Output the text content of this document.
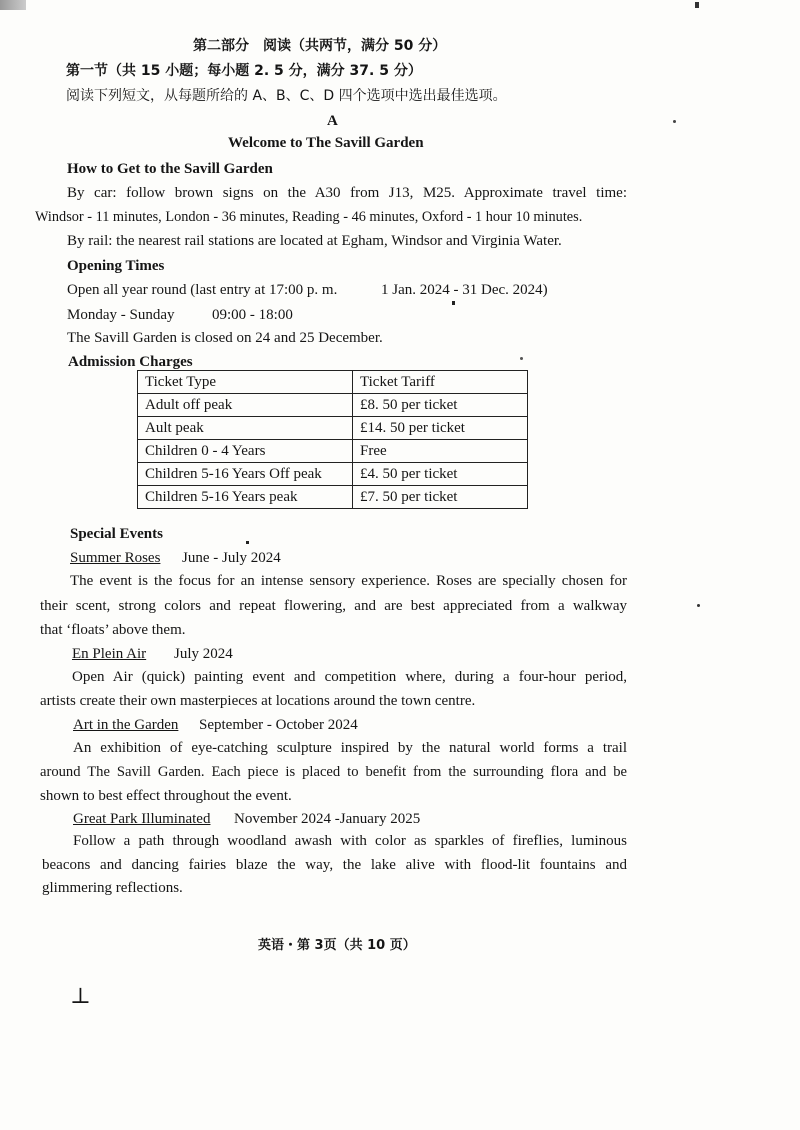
第二部分　阅读（共两节，满分 50 分）
第一节（共 15 小题；每小题 2. 5 分，满分 37. 5 分）
阅读下列短文，从每题所给的 A、B、C、D 四个选项中选出最佳选项。
A
Welcome to The Savill Garden
How to Get to the Savill Garden
By car: follow brown signs on the A30 from J13, M25. Approximate travel time:
Windsor - 11 minutes, London - 36 minutes, Reading - 46 minutes, Oxford - 1 hour 10 minutes.
By rail: the nearest rail stations are located at Egham, Windsor and Virginia Water.
Opening Times
Open all year round (last entry at 17:00 p. m.	1 Jan. 2024 - 31 Dec. 2024)
Monday - Sunday	09:00 - 18:00
The Savill Garden is closed on 24 and 25 December.
Admission Charges
Ticket Type	Ticket Tariff
Adult off peak	£8. 50 per ticket
Ault peak	£14. 50 per ticket
Children 0 - 4 Years	Free
Children 5-16 Years Off peak	£4. 50 per ticket
Children 5-16 Years peak	£7. 50 per ticket
Special Events
Summer Roses June - July 2024
The event is the focus for an intense sensory experience. Roses are specially chosen for
their scent, strong colors and repeat flowering, and are best appreciated from a walkway
that ‘floats’ above them.
En Plein Air July 2024
Open Air (quick) painting event and competition where, during a four-hour period,
artists create their own masterpieces at locations around the town centre.
Art in the Garden September - October 2024
An exhibition of eye-catching sculpture inspired by the natural world forms a trail
around The Savill Garden. Each piece is placed to benefit from the surrounding flora and be
shown to best effect throughout the event.
Great Park Illuminated November 2024 -January 2025
Follow a path through woodland awash with color as sparkles of fireflies, luminous
beacons and dancing fairies blaze the way, the lake alive with flood-lit fountains and
glimmering reflections.
英语・第 3页（共 10 页）
⊥
